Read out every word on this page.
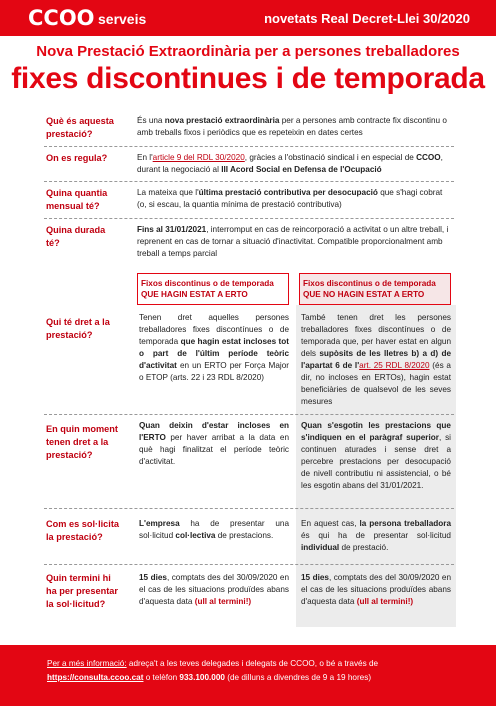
CCOO serveis	novetats Real Decret-Llei 30/2020
Nova Prestació Extraordinària per a persones treballadores
fixes discontinues i de temporada
Què és aquesta prestació?
És una nova prestació extraordinària per a persones amb contracte fix discontinu o amb treballs fixos i periòdics que es repeteixin en dates certes
On es regula?	En l'article 9 del RDL 30/2020, gràcies a l'obstinació sindical i en especial de CCOO, durant la negociació al III Acord Social en Defensa de l'Ocupació
Quina quantia mensual té?
La mateixa que l'última prestació contributiva per desocupació que s'hagi cobrat (o, si escau, la quantia mínima de prestació contributiva)
Quina durada té?
Fins al 31/01/2021, interromput en cas de reincorporació a activitat o un altre treball, i reprenent en cas de tornar a situació d'inactivitat. Compatible proporcionalment amb treball a temps parcial
Fixos discontinus o de temporada QUE HAGIN ESTAT A ERTO
Fixos discontinus o de temporada QUE NO HAGIN ESTAT A ERTO
Qui té dret a la prestació?
Tenen dret aquelles persones treballadores fixes discontínues o de temporada que hagin estat incloses tot o part de l'últim període teòric d'activitat en un ERTO per Força Major o ETOP (arts. 22 i 23 RDL 8/2020)
També tenen dret les persones treballadores fixes discontínues o de temporada que, per haver estat en algun dels supòsits de les lletres b) a d) de l'apartat 6 de l'art. 25 RDL 8/2020 (és a dir, no incloses en ERTOs), hagin estat beneficiàries de qualsevol de les seves mesures
En quin moment tenen dret a la prestació?
Quan deixin d'estar incloses en l'ERTO per haver arribat a la data en què hagi finalitzat el període teòric d'activitat.
Quan s'esgotin les prestacions que s'indiquen en el paràgraf superior, si continuen aturades i sense dret a percebre prestacions per desocupació de nivell contributiu ni assistencial, o bé les esgotin abans del 31/01/2021.
Com es sol·licita la prestació?
L'empresa ha de presentar una sol·licitud col·lectiva de prestacions.
En aquest cas, la persona treballadora és qui ha de presentar sol·licitud individual de prestació.
Quin termini hi ha per presentar la sol·licitud?
15 dies, comptats des del 30/09/2020 en el cas de les situacions produïdes abans d'aquesta data (ull al termini!)
15 dies, comptats des del 30/09/2020 en el cas de les situacions produïdes abans d'aquesta data (ull al termini!)
Per a més informació: adreça't a les teves delegades i delegats de CCOO, o bé a través de
https://consulta.ccoo.cat o telèfon 933.100.000 (de dilluns a divendres de 9 a 19 hores)
